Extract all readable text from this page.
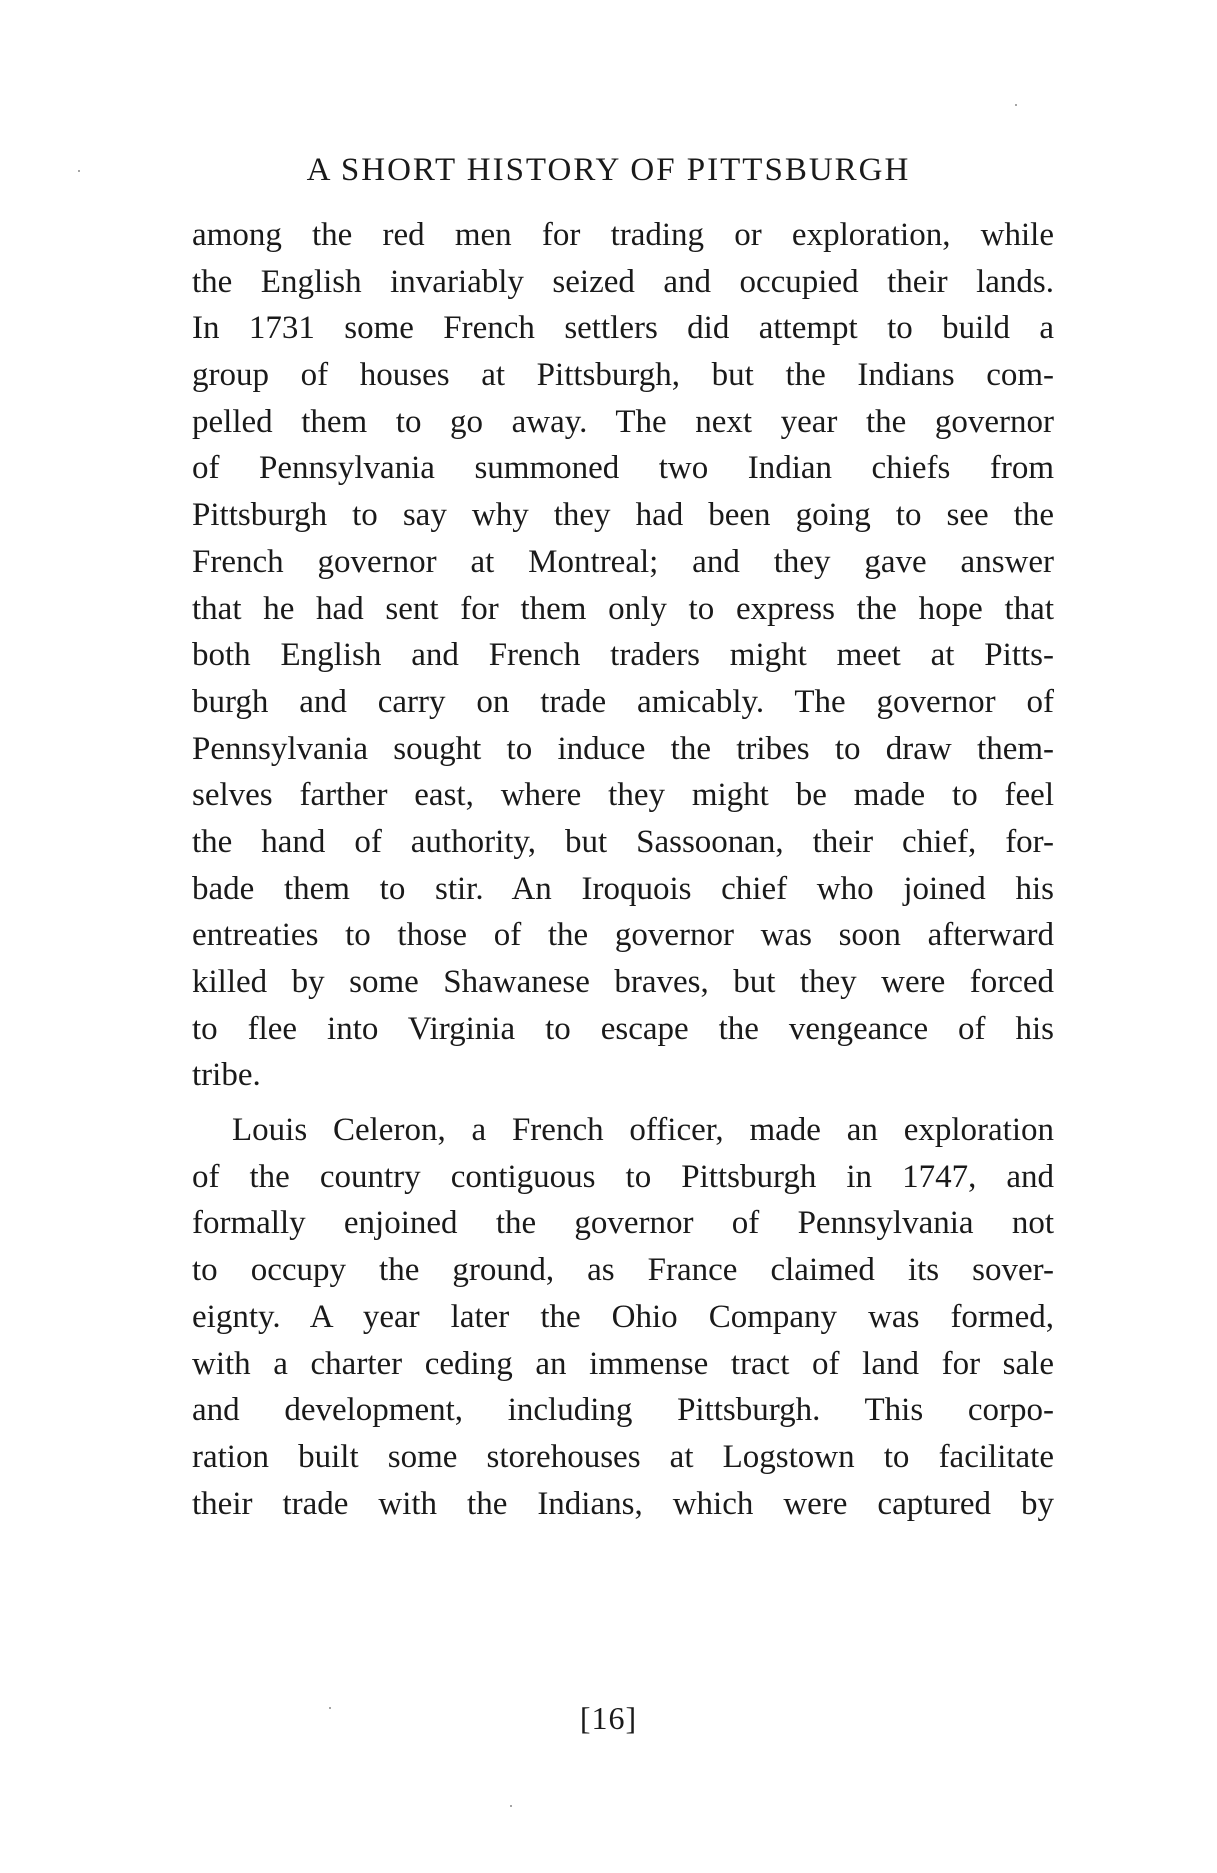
A SHORT HISTORY OF PITTSBURGH
among the red men for trading or exploration, while
the English invariably seized and occupied their lands.
In 1731 some French settlers did attempt to build a
group of houses at Pittsburgh, but the Indians com-
pelled them to go away. The next year the governor
of Pennsylvania summoned two Indian chiefs from
Pittsburgh to say why they had been going to see the
French governor at Montreal; and they gave answer
that he had sent for them only to express the hope that
both English and French traders might meet at Pitts-
burgh and carry on trade amicably. The governor of
Pennsylvania sought to induce the tribes to draw them-
selves farther east, where they might be made to feel
the hand of authority, but Sassoonan, their chief, for-
bade them to stir. An Iroquois chief who joined his
entreaties to those of the governor was soon afterward
killed by some Shawanese braves, but they were forced
to flee into Virginia to escape the vengeance of his
tribe.
Louis Celeron, a French officer, made an exploration
of the country contiguous to Pittsburgh in 1747, and
formally enjoined the governor of Pennsylvania not
to occupy the ground, as France claimed its sover-
eignty. A year later the Ohio Company was formed,
with a charter ceding an immense tract of land for sale
and development, including Pittsburgh. This corpo-
ration built some storehouses at Logstown to facilitate
their trade with the Indians, which were captured by
[16]
